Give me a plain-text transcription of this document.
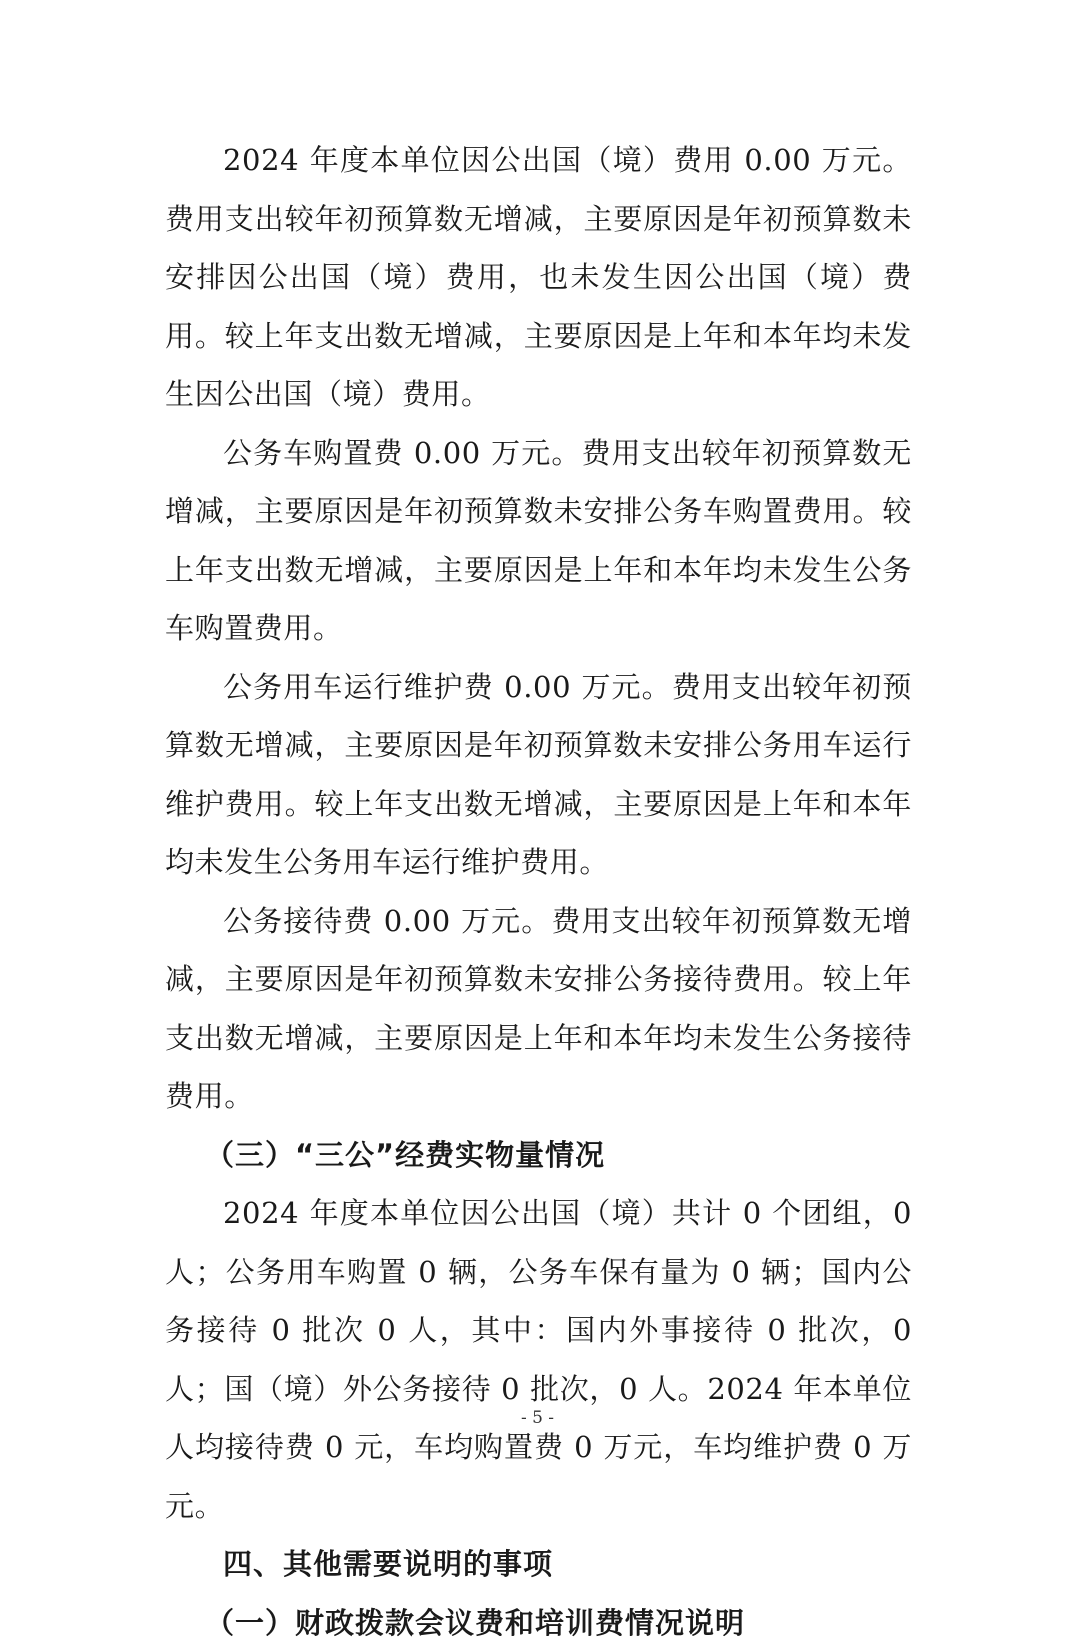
2024 年度本单位因公出国（境）费用 0.00 万元。费用支出较年初预算数无增减，主要原因是年初预算数未安排因公出国（境）费用，也未发生因公出国（境）费用。较上年支出数无增减，主要原因是上年和本年均未发生因公出国（境）费用。

公务车购置费 0.00 万元。费用支出较年初预算数无增减，主要原因是年初预算数未安排公务车购置费用。较上年支出数无增减，主要原因是上年和本年均未发生公务车购置费用。

公务用车运行维护费 0.00 万元。费用支出较年初预算数无增减，主要原因是年初预算数未安排公务用车运行维护费用。较上年支出数无增减，主要原因是上年和本年均未发生公务用车运行维护费用。

公务接待费 0.00 万元。费用支出较年初预算数无增减，主要原因是年初预算数未安排公务接待费用。较上年支出数无增减，主要原因是上年和本年均未发生公务接待费用。

（三）“三公”经费实物量情况

2024 年度本单位因公出国（境）共计 0 个团组，0 人；公务用车购置 0 辆，公务车保有量为 0 辆；国内公务接待 0 批次 0 人，其中：国内外事接待 0 批次，0 人；国（境）外公务接待 0 批次，0 人。2024 年本单位人均接待费 0 元，车均购置费 0 万元，车均维护费 0 万元。

四、其他需要说明的事项

（一）财政拨款会议费和培训费情况说明

- 5 -
